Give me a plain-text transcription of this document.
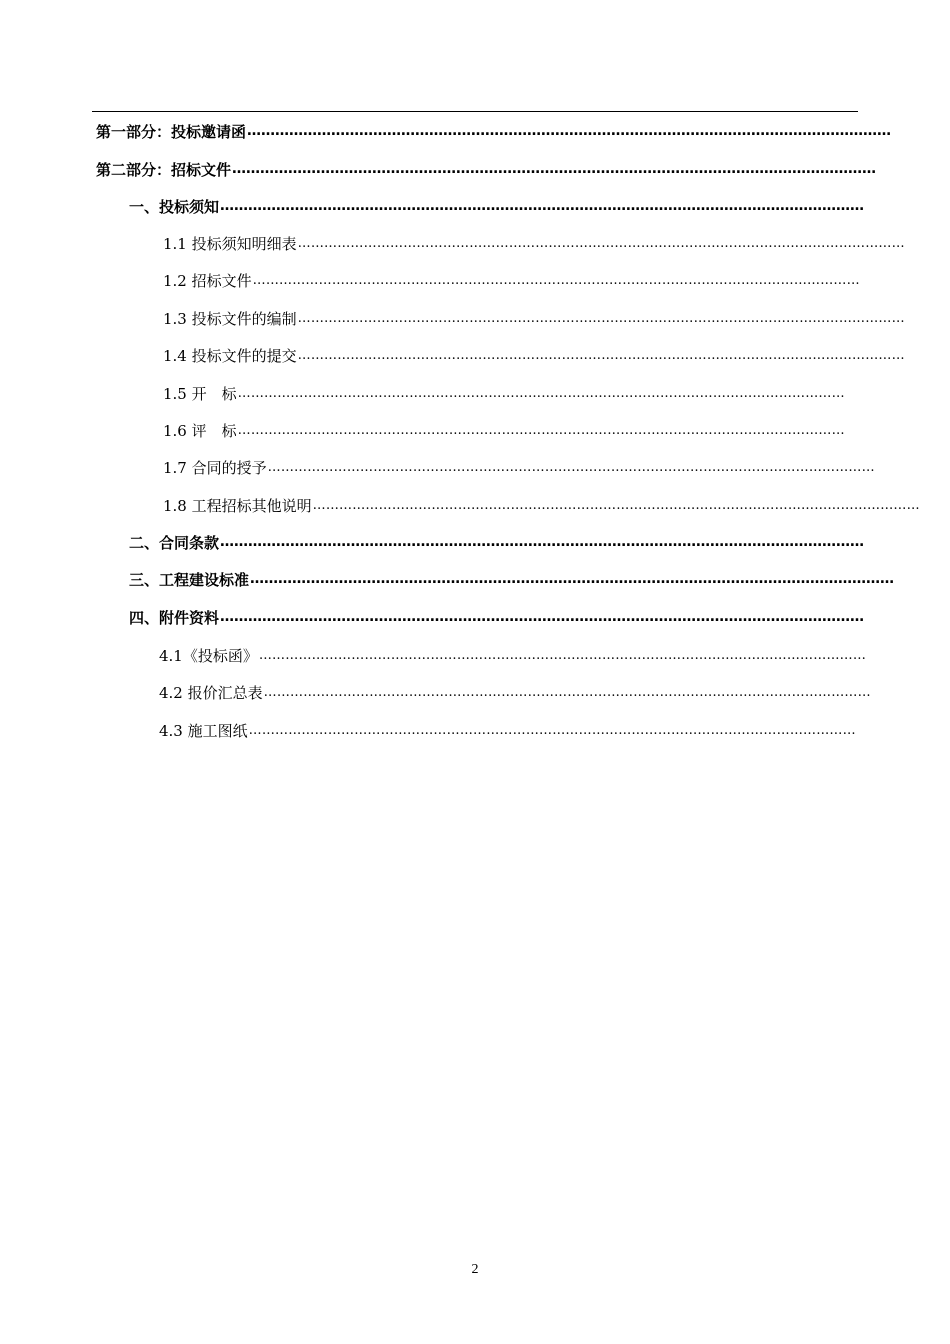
第一部分：投标邀请函 …………………………………………………………………………………………………………………………
第二部分：招标文件 …………………………………………………………………………………………………………………………
一、投标须知 …………………………………………………………………………………………………………………………
1.1 投标须知明细表 …………………………………………………………………………………………………………………………
1.2 招标文件 …………………………………………………………………………………………………………………………
1.3 投标文件的编制 …………………………………………………………………………………………………………………………
1.4 投标文件的提交 …………………………………………………………………………………………………………………………
1.5 开　标 …………………………………………………………………………………………………………………………
1.6 评　标 …………………………………………………………………………………………………………………………
1.7 合同的授予 …………………………………………………………………………………………………………………………
1.8 工程招标其他说明 …………………………………………………………………………………………………………………………
二、合同条款 …………………………………………………………………………………………………………………………
三、工程建设标准 …………………………………………………………………………………………………………………………
四、附件资料 …………………………………………………………………………………………………………………………
4.1《投标函》 …………………………………………………………………………………………………………………………
4.2 报价汇总表 …………………………………………………………………………………………………………………………
4.3 施工图纸 …………………………………………………………………………………………………………………………
2
